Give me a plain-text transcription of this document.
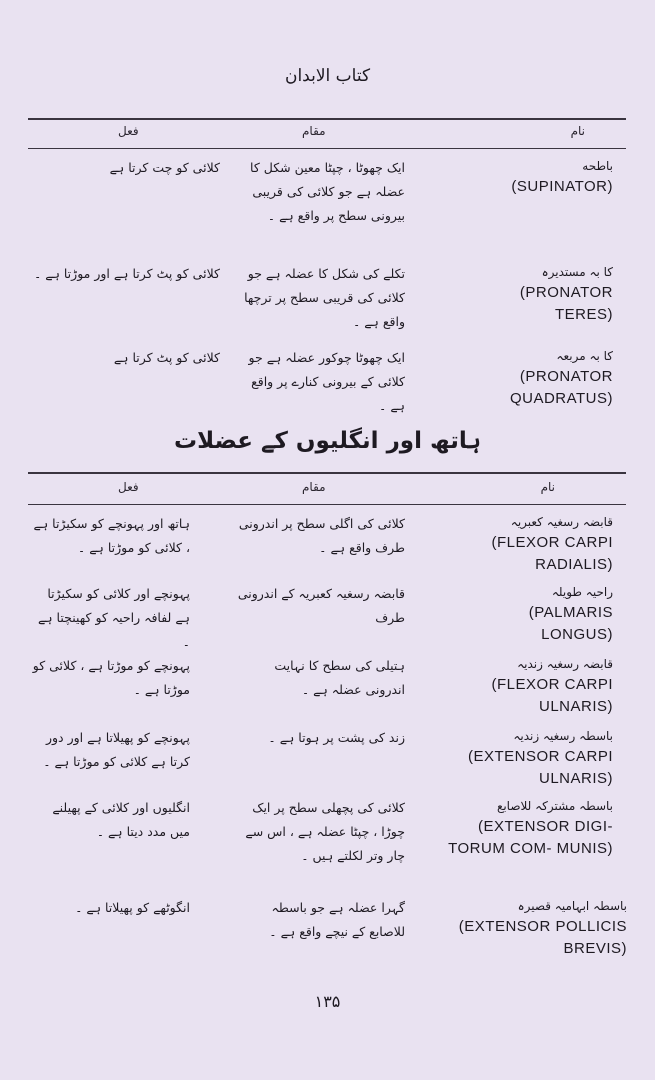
کتاب الابدان
نام
مقام
فعل
باطحه
(SUPINATOR)
ایک چھوٹا ، چپٹا معین شکل کا عضلہ ہے جو کلائی کی قریبی بیرونی سطح پر واقع ہے ۔
کلائی کو چت کرتا ہے
کا بہ مستدیرہ
(PRONATOR TERES)
تکلے کی شکل کا عضلہ ہے جو کلائی کی قریبی سطح پر ترچھا واقع ہے ۔
کلائی کو پٹ کرتا ہے اور موڑتا ہے ۔
کا بہ مربعہ
(PRONATOR QUADRATUS)
ایک چھوٹا چوکور عضلہ ہے جو کلائی کے بیرونی کنارے پر واقع ہے ۔
کلائی کو پٹ کرتا ہے
ہاتھ اور انگلیوں کے عضلات
نام
مقام
فعل
قابضہ رسغیہ کعبریہ
(FLEXOR CARPI RADIALIS)
کلائی کی اگلی سطح پر اندرونی طرف واقع ہے ۔
ہاتھ اور پہونچے کو سکیڑتا ہے ، کلائی کو موڑتا ہے ۔
راحیہ طویلہ
(PALMARIS LONGUS)
قابضہ رسغیہ کعبریہ کے اندرونی طرف
پہونچے اور کلائی کو سکیڑتا ہے لفافہ راحیہ کو کھینچتا ہے ۔
قابضہ رسغیہ زندیہ
(FLEXOR CARPI ULNARIS)
ہتیلی کی سطح کا نہایت اندرونی عضلہ ہے ۔
پہونچے کو موڑتا ہے ، کلائی کو موڑتا ہے ۔
باسطہ رسغیہ زندیہ
(EXTENSOR CARPI ULNARIS)
زند کی پشت پر ہوتا ہے ۔
پہونچے کو پھیلاتا ہے اور دور کرتا ہے کلائی کو موڑتا ہے ۔
باسطہ مشترکہ للاصابع
(EXTENSOR DIGI- TORUM COM- MUNIS)
کلائی کی پچھلی سطح پر ایک چوڑا ، چپٹا عضلہ ہے ، اس سے چار وتر لکلتے ہیں ۔
انگلیوں اور کلائی کے پھیلنے میں مدد دیتا ہے ۔
باسطہ ابہامیہ قصیرہ
(EXTENSOR POLLICIS BREVIS)
گہرا عضلہ ہے جو باسطہ للاصابع کے نیچے واقع ہے ۔
انگوٹھے کو پھیلاتا ہے ۔
۱۳۵
